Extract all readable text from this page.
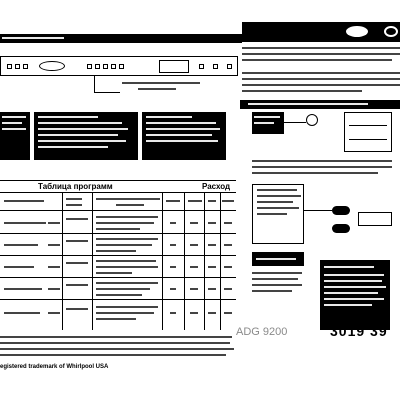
Таблица программ	Расход
ADG 9200	3019 39
egistered trademark of Whirlpool USA
